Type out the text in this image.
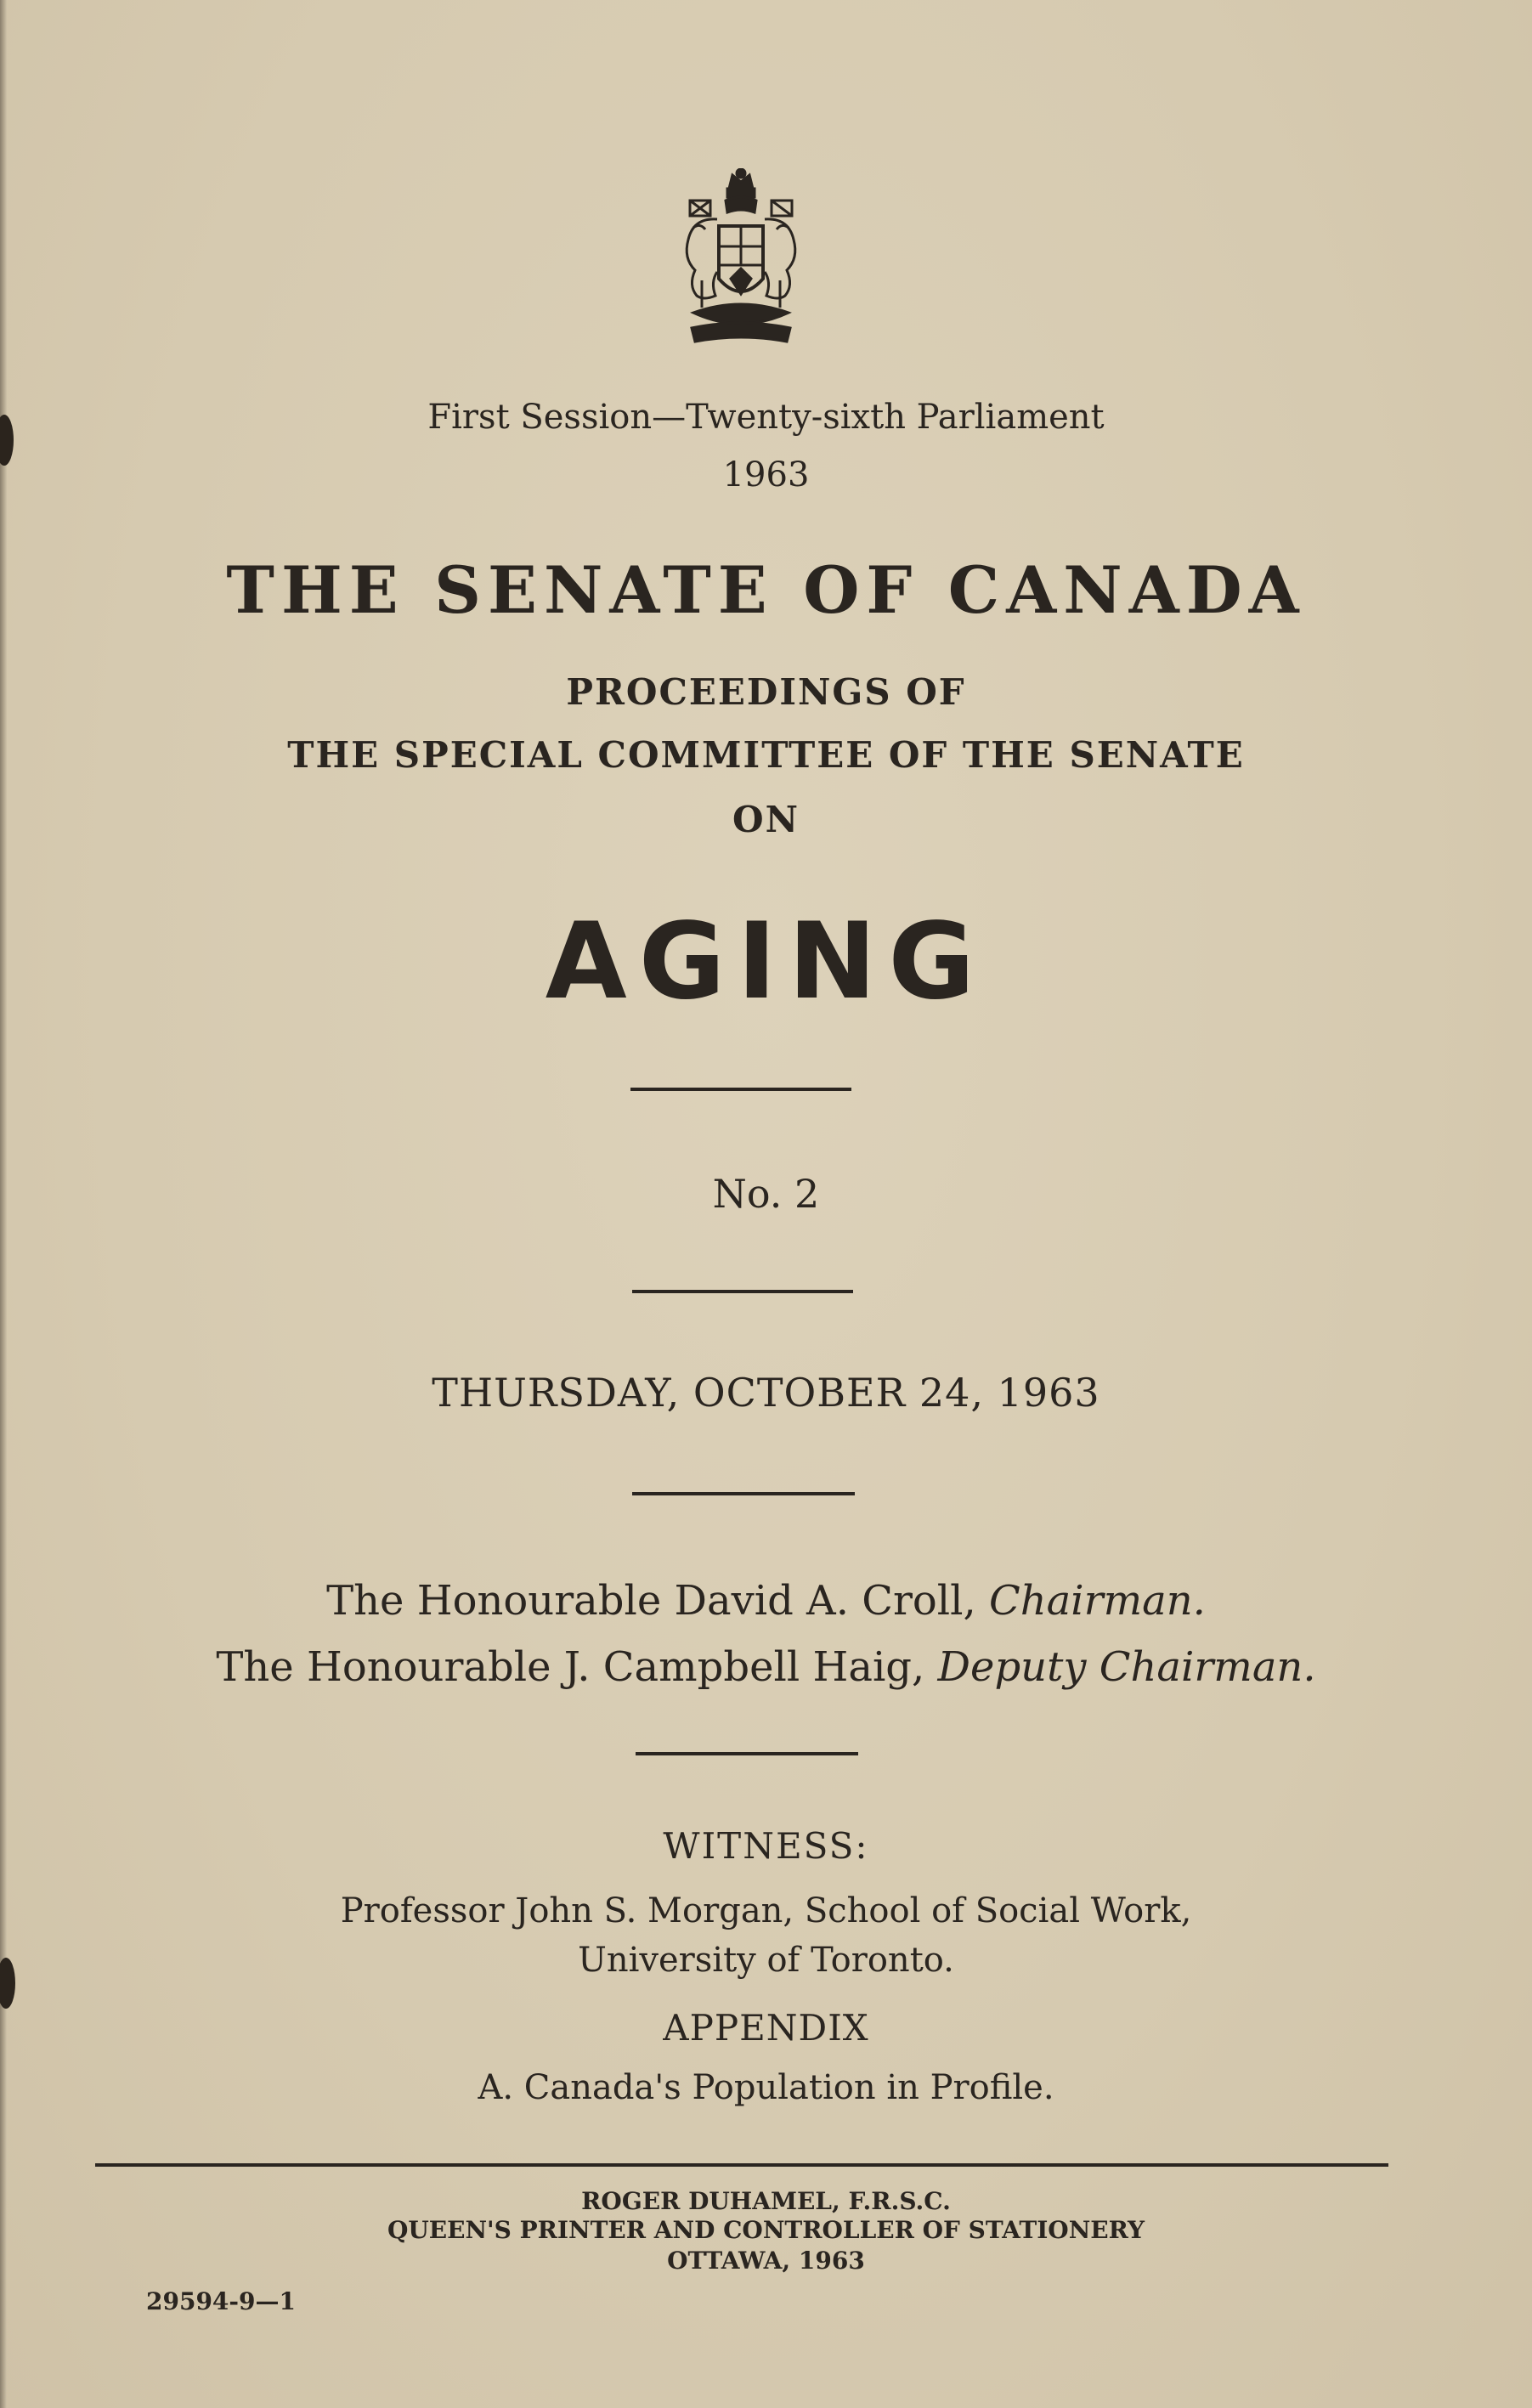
First Session—Twenty-sixth Parliament
1963
THE SENATE OF CANADA
PROCEEDINGS OF
THE SPECIAL COMMITTEE OF THE SENATE
ON
AGING
No. 2
THURSDAY, OCTOBER 24, 1963
The Honourable David A. Croll, Chairman.
The Honourable J. Campbell Haig, Deputy Chairman.
WITNESS:
Professor John S. Morgan, School of Social Work,
University of Toronto.
APPENDIX
A. Canada's Population in Profile.
ROGER DUHAMEL, F.R.S.C.
QUEEN'S PRINTER AND CONTROLLER OF STATIONERY
OTTAWA, 1963
29594-9—1
